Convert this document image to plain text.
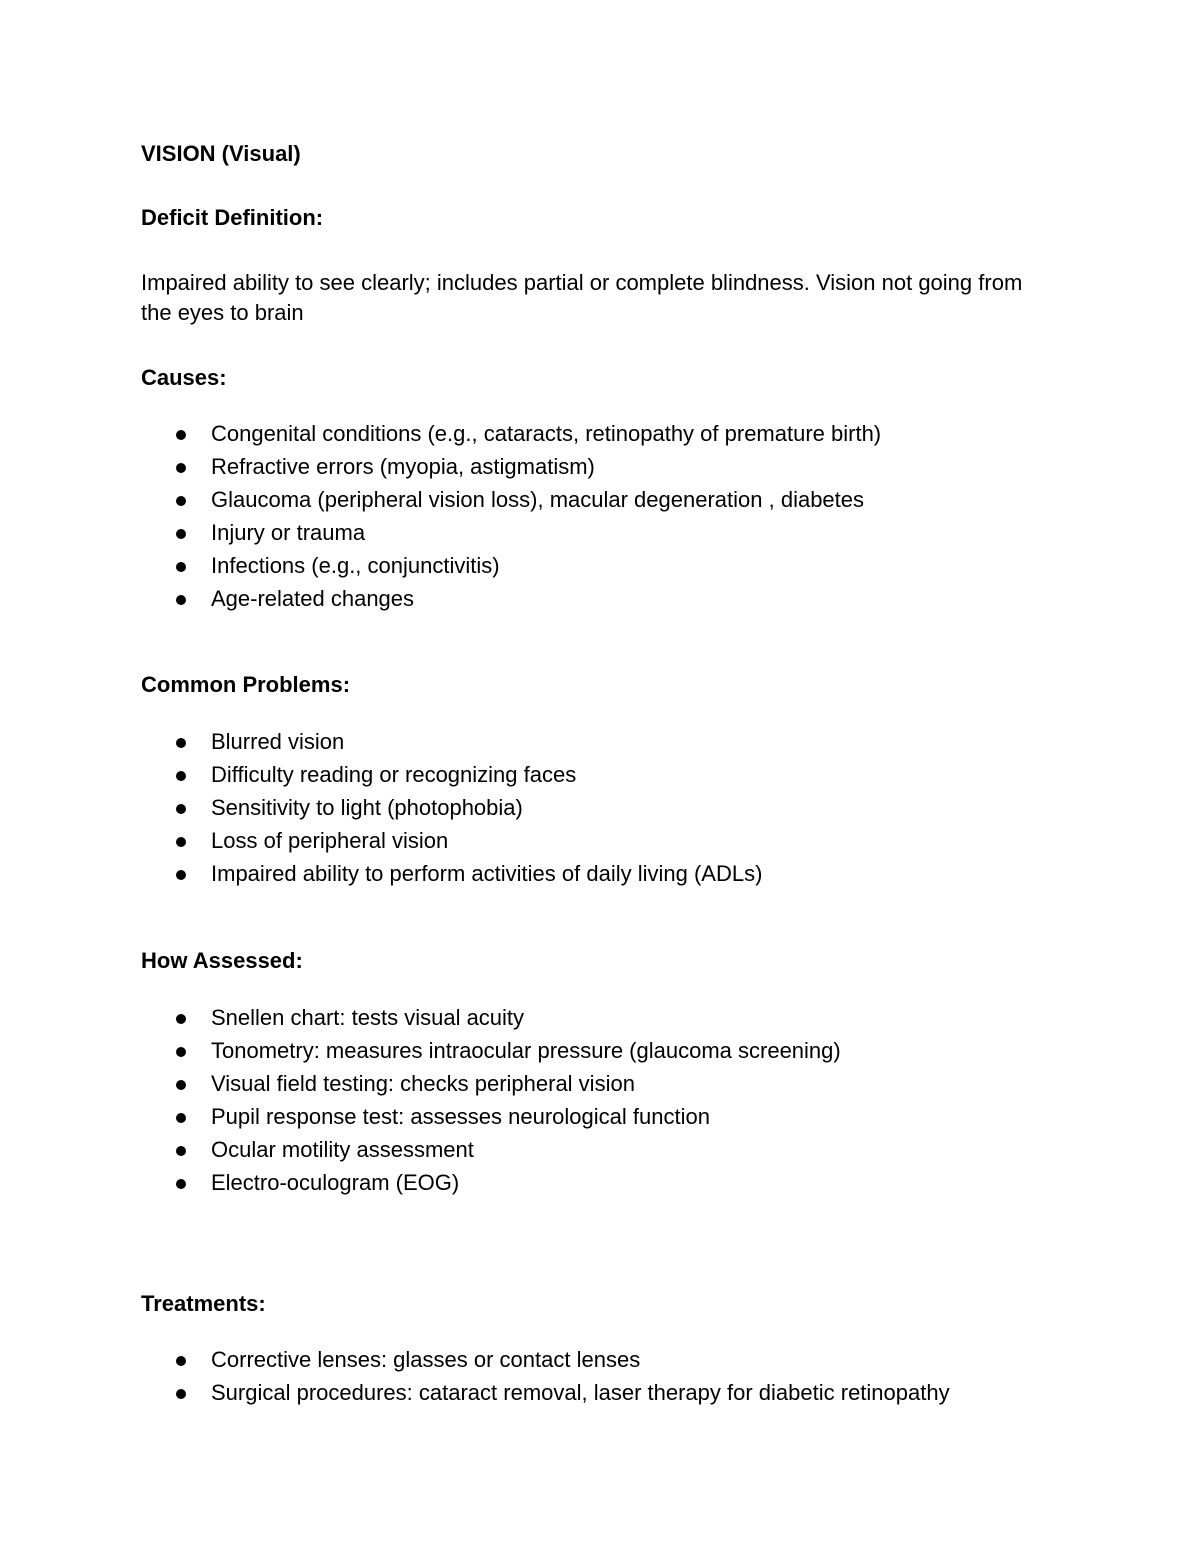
VISION (Visual)
Deficit Definition:
Impaired ability to see clearly; includes partial or complete blindness. Vision not going from the eyes to brain
Causes:
Congenital conditions (e.g., cataracts, retinopathy of premature birth)
Refractive errors (myopia, astigmatism)
Glaucoma (peripheral vision loss), macular degeneration , diabetes
Injury or trauma
Infections (e.g., conjunctivitis)
Age-related changes
Common Problems:
Blurred vision
Difficulty reading or recognizing faces
Sensitivity to light (photophobia)
Loss of peripheral vision
Impaired ability to perform activities of daily living (ADLs)
How Assessed:
Snellen chart: tests visual acuity
Tonometry: measures intraocular pressure (glaucoma screening)
Visual field testing: checks peripheral vision
Pupil response test: assesses neurological function
Ocular motility assessment
Electro-oculogram (EOG)
Treatments:
Corrective lenses: glasses or contact lenses
Surgical procedures: cataract removal, laser therapy for diabetic retinopathy
